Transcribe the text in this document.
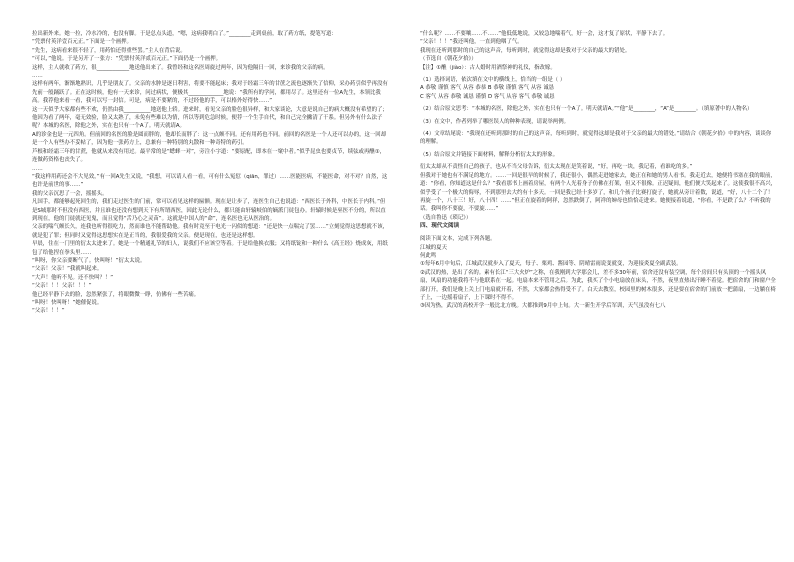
拉出新外来。她一拉，冷水冷的，也没有脚。于是总点头道，“嗯，这病我明白了。”________走到桌前，取了药方纸，提笔写道：

“凭票付英洋壹百元正。”下面是一个画押。

“先生，这病看来很不轻了，用药怕还得重些罢。”主人在背后说。

“可以，”他说。于是另开了一张方：“凭票付英洋贰百元正。”下面仍是一个画押。

这样，主人就收了药方，很____________地送他出来了。我曾经和这名医周旋过两年，因为他隔日一回，来诊我的父亲的病。

……

这样有两年，渐渐地熟识，几乎是朋友了。父亲的水肿是逐日利害，将要不能起床；我对于经霜三年的甘蔗之流也逐渐失了信仰，采办药引似乎再没有先前一般踊跃了。正在这时候，他有一天来诊，问过病状，便极其_____________地说：“我所有的学问，都用尽了。这里还有一位A先生，本领比我高。我荐他来看一看，我可以写一封信。可是，病是不要紧的，不过经他的手，可以格外好得快……”

这一天似乎大家都有些不欢，仍然由我__________地送他上轿。进来时，看见父亲的脸色很异样，和大家谈论，大意是说自己的病大概没有希望的了；他因为看了两年，毫无效验，脸又太熟了，未免有些难以为情，所以等到危急时候，便荐一个生手自代，和自己完全撇清了干系。但另外有什么法子呢？本城的名医，除他之外，实在也只有一个A了。明天就请A。

A的诊金也是一元四角。但前回的名医的脸是圆而胖的，他却长而胖了：这一点颇不同。还有用药也不同。前回的名医是一个人还可以办的，这一回却是一个人有些办不妥帖了，因为他一张药方上，总兼有一种特别的丸散和一种奇特的药引。

芦根和经霜三年的甘蔗，他就从来没有用过。最平常的是“蟋蟀一对”，旁注小字道：“要原配，即本在一窠中者。”似乎昆虫也要贞节，续弦或再醮①，连做药资格也丧失了。

……

“我这样用药还会不大见效，”有一回A先生又说，“我想，可以请人看一看，可有什么冤愆（qiān，罪过）……医能医病，不能医命，对不对？自然，这也许是前世的事……”

我的父亲沉思了一会，摇摇头。

凡国手，都能够起死回生的，我们走过医生的门前，常可以看见这样的匾额。现在是让步了，连医生自己也说道：“西医长于外科，中医长于内科。”但是S城那时不但没有西医，并且谁也还没有想到天下有所谓西医，因此无论什么，都只能由轩辕岐伯的嫡派门徒包办。轩辕时候是巫医不分的，所以直到现在，他的门徒就还见鬼，而且觉得“舌乃心之灵苗”。这就是中国人的“命”，连名医也无从医治的。

父亲的喘气颇长久，连我也听得很吃力，然而谁也不能帮助他。我有时竟至于电光一闪似的想道：“还是快一点喘完了罢……”立刻觉得这思想就不该，就是犯了罪；但同时又觉得这思想实在是正当的，我很爱我的父亲。便是现在，也还是这样想。

早晨，住在一门里的衍太太进来了。她是一个精通礼节的妇人，说我们不应该空等着。于是给他换衣服；又将纸锭和一种什么《高王经》烧成灰，用纸包了给他捏在拳头里……

“叫呀，你父亲要断气了。快叫呀！”衍太太说。

“父亲！父亲！”我就叫起来。

“大声！他听不见。还不快叫？！”

“父亲！！！父亲！！！”

他已经平静下去的脸，忽然紧张了，将眼微微一睁，仿佛有一些苦痛。

“叫呀！快叫呀！”她催促说。

“父亲！！！”

“什么呢？……不要嚷……不……”他低低地说，又较急地喘着气，好一会，这才复了原状，平静下去了。

“父亲！！！”我还叫他，一直到他咽了气。

我现在还听到那时的自己的这声音，每听到时，就觉得这却是我对于父亲的最大的错处。

（节选自《朝花夕拾》）

【注】①醮（jiào）：古人婚时用酒祭神的礼仪，指改嫁。

（1）选择词语，依次填在文中的横线上，恰当的一组是（ ）

A 恭敬 谨慎 客气 从容 恭恭 B 恭敬 谨慎 客气 从容 诚恳

C 客气 从容 恭敬 诚恳 谨慎 D 客气 从容 客气 恭敬 诚恳

（2）结合原文思考：“本城的名医，除他之外，实在也只有一个A了。明天就请A。”“他”是________，“A”是________。（填原著中的人物名）

（3）在文中，作者列举了哪医误人的种种表现，请说举两例。

（4）文章结尾说：“我现在还听到那时的自己的这声音，每听到时，就觉得这却是我对于父亲的最大的错处。”请结合《朝花夕拾》中的内容，谈谈你的理解。

（5）结合原文并链接下面材料，解释分析衍太太的形象。

衍太太却从不责怪自己的孩子，也从不当父母告诉，衍太太现在是笑着说，“好，再吃一块，我记着，看谁吃的多。”

但我对于她也有不满足的地方。……一回是很早的时候了，我还很小，偶然走进她家去，她正在和她的男人看书。我走近去，她便将书塞在我的眼前，道：“你看，你知道这是什么？”我看那书上画着房屋，有两个人光着身子仿佛在打架，但又不很像。正迟疑间，他们便大笑起来了。这使我很不高兴，似乎受了一个极大的侮辱，不到那里去大约有十多天。一回是我已经十多岁了，和几个孩子比赛打旋子，她就从旁计着数，说道，“好，八十二个了！再旋一个，八十三！好，八十四！……”但正在旋着的阿祥，忽然跌倒了，阿祥的婶母也恰恰走进来。她便接着说道，“你看，不是跌了么？不听我的话。我叫你不要旋，不要旋……”

（选自鲁迅《琐记》）

四、现代文阅读

阅读下面文本，完成下列各题。

江城的夏天

何此鸣

①每年6月中旬后，江城武汉就步入了夏天，每子、栗鸡、酱园等、阴晴雷雨说变就变，为迎接炎夏全副武装。

②武汉的热，是出了名的。素有长江“三大火炉”之称，在我刚到大学那会儿，差不多30年前，宿舍还没有装空调，每个房间只有头顶的一个摇头风扇，风扇的功能我将不与他联系在一起。电扇本来不管用之后。为此，我买了个小电扇放在床头，不然，夜里直热出汗睡不着觉。把宿舍的门和窗户全部打开，我们是晚上关上门电扇就开着，不然，大家都会热得受不了。白天去教室，校园里的树木很多，还是要在宿舍的门前放一把蒲扇，一边躺在椅子上，一边摇着扇子，上下课时不得不。

③因为热，武汉的高校开学一般比北方晚。大都推到9月中上旬。大一新生开学后军训，天气虽没有七八
